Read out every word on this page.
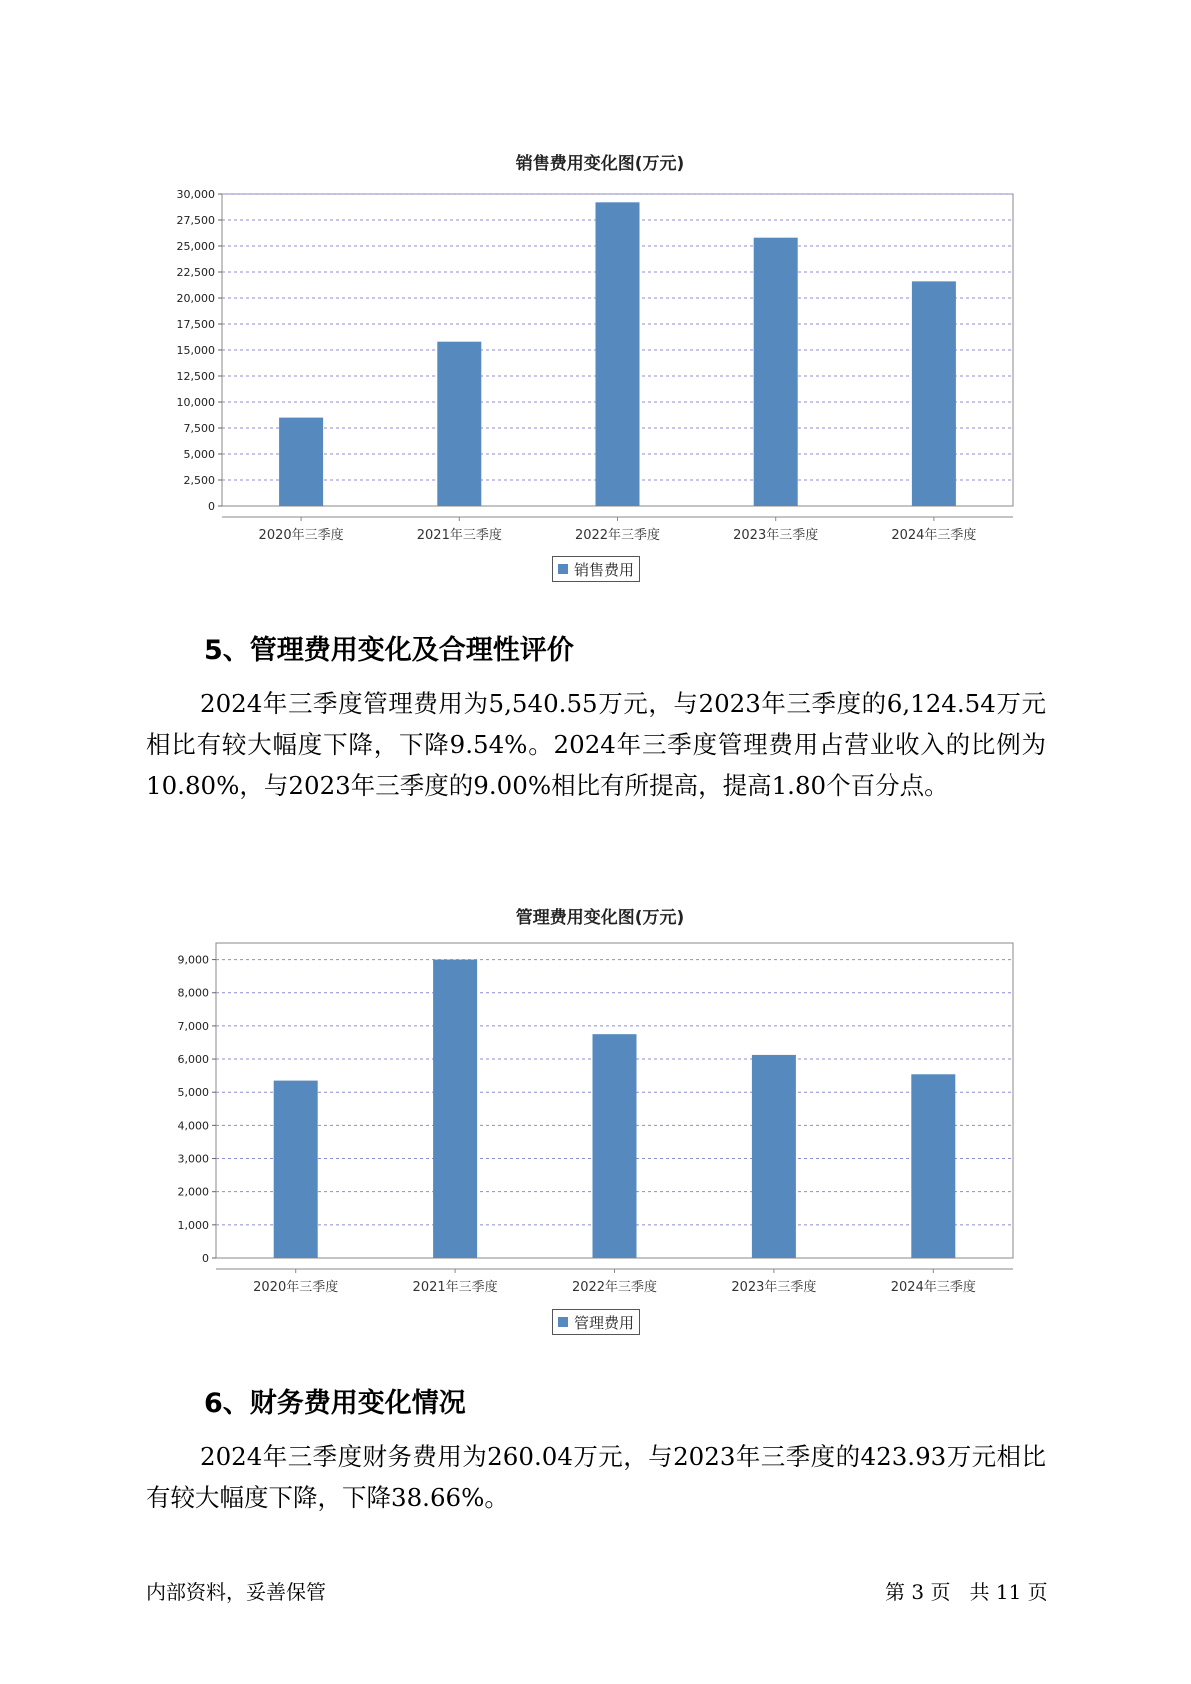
销售费用变化图(万元)
0
2,500
5,000
7,500
10,000
12,500
15,000
17,500
20,000
22,500
25,000
27,500
30,000
2020年三季度	2021年三季度	2022年三季度	2023年三季度	2024年三季度
销售费用
5、管理费用变化及合理性评价

2024年三季度管理费用为5,540.55万元，与2023年三季度的6,124.54万元相比有较大幅度下降，下降9.54%。2024年三季度管理费用占营业收入的比例为10.80%，与2023年三季度的9.00%相比有所提高，提高1.80个百分点。

管理费用变化图(万元)
0
1,000
2,000
3,000
4,000
5,000
6,000
7,000
8,000
9,000
2020年三季度	2021年三季度	2022年三季度	2023年三季度	2024年三季度
管理费用
6、财务费用变化情况

2024年三季度财务费用为260.04万元，与2023年三季度的423.93万元相比有较大幅度下降，下降38.66%。

内部资料，妥善保管	第 3 页   共 11 页
